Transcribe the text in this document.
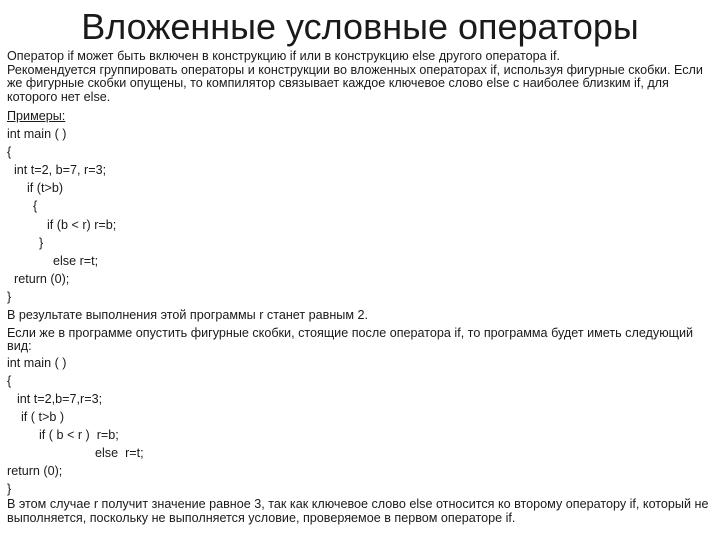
Вложенные условные операторы

Оператор if может быть включен в конструкцию if или в конструкцию else другого оператора if.

Рекомендуется группировать операторы и конструкции во вложенных операторах if, используя фигурные скобки. Если же фигурные скобки опущены, то компилятор связывает каждое ключевое слово else с наиболее близким if, для которого нет else.

Примеры:

int main ( )

{

int t=2, b=7, r=3;

if (t>b)

{

if (b < r) r=b;

}

else r=t;

return (0);

}

В результате выполнения этой программы r станет равным 2.

Если же в программе опустить фигурные скобки, стоящие после оператора if, то программа будет иметь следующий вид:

int main ( )

{

int t=2,b=7,r=3;

if ( t>b )

if ( b < r )  r=b;

else  r=t;

return (0);

}

В этом случае r получит значение равное 3, так как ключевое слово else относится ко второму оператору if, который не выполняется, поскольку не выполняется условие, проверяемое в первом операторе if.
